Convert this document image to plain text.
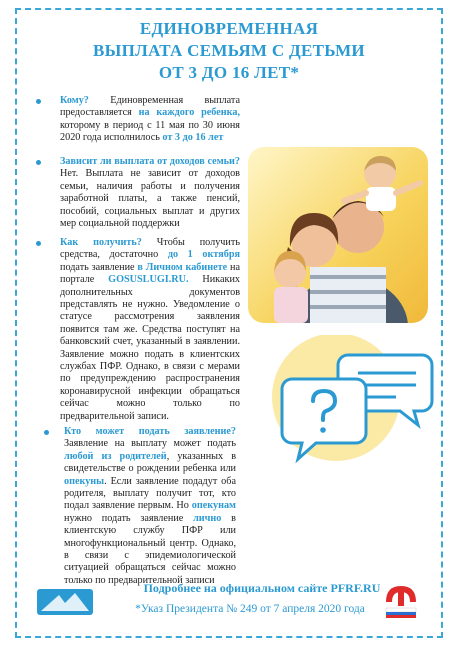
ЕДИНОВРЕМЕННАЯ
ВЫПЛАТА СЕМЬЯМ С ДЕТЬМИ
ОТ 3 ДО 16 ЛЕТ*
Кому? Единовременная выплата предоставляется на каждого ребенка, которому в период с 11 мая по 30 июня 2020 года исполнилось от 3 до 16 лет
Зависит ли выплата от доходов семьи? Нет. Выплата не зависит от доходов семьи, наличия работы и получения заработной платы, а также пенсий, пособий, социальных выплат и других мер социальной поддержки
Как получить? Чтобы получить средства, достаточно до 1 октября подать заявление в Личном кабинете на портале GOSUSLUGI.RU. Никаких дополнительных документов представлять не нужно. Уведомление о статусе рассмотрения заявления появится там же. Средства поступят на банковский счет, указанный в заявлении. Заявление можно подать в клиентских службах ПФР. Однако, в связи с мерами по предупреждению распространения коронавирусной инфекции обращаться сейчас можно только по предварительной записи.
Кто может подать заявление? Заявление на выплату может подать любой из родителей, указанных в свидетельстве о рождении ребенка или опекуны. Если заявление подадут оба родителя, выплату получит тот, кто подал заявление первым. Но опекунам нужно подать заявление лично в клиентскую службу ПФР или многофункциональный центр. Однако, в связи с эпидемиологической ситуацией обращаться сейчас можно только по предварительной записи
Подробнее на официальном сайте PFRF.RU
*Указ Президента № 249 от 7 апреля 2020 года
